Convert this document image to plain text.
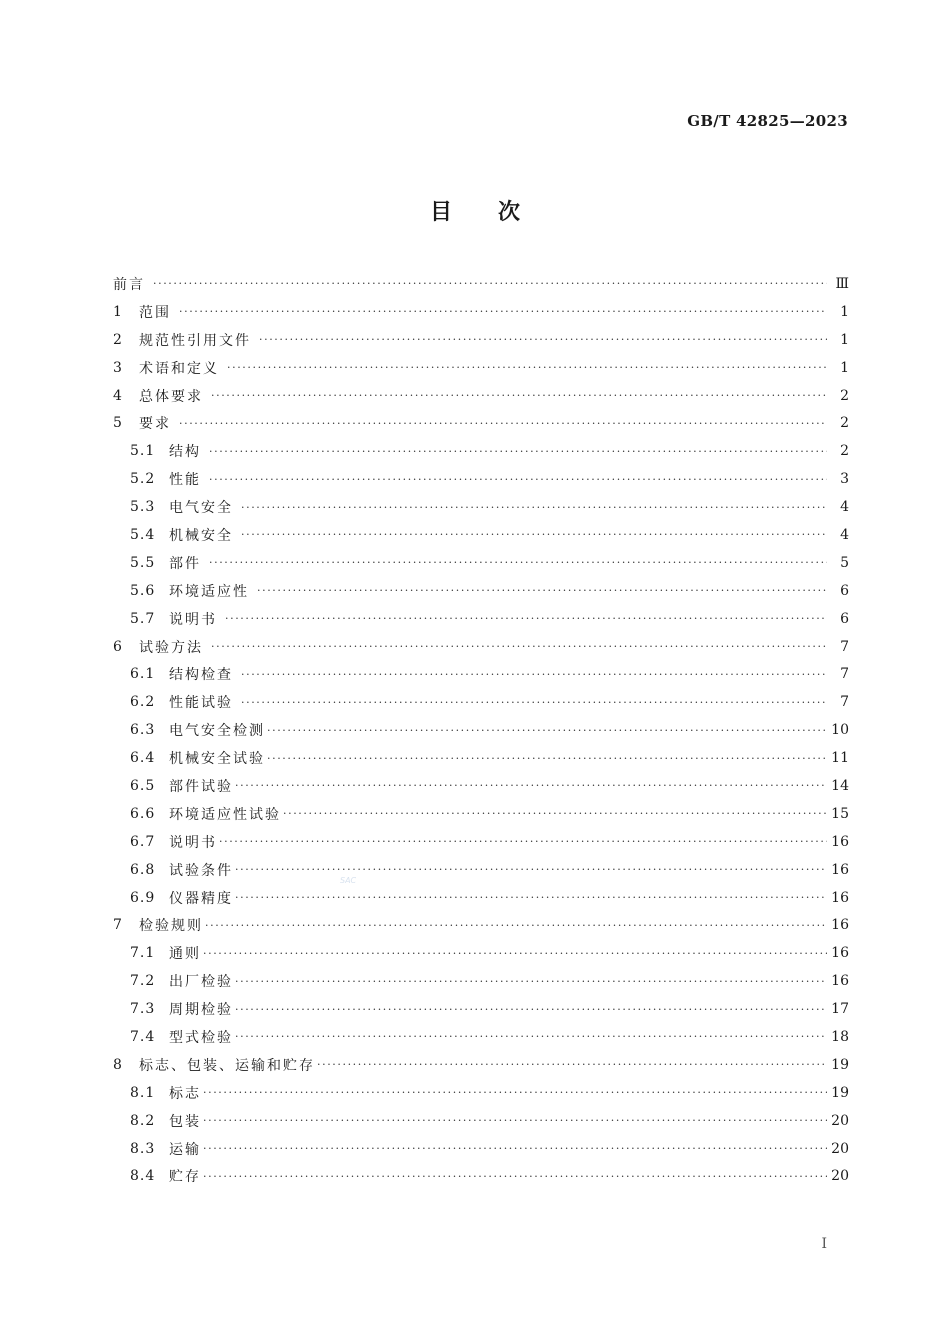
GB/T 42825—2023
目次
前言 ·····	Ⅲ
1	范围 ·····	1
2	规范性引用文件 ·····	1
3	术语和定义 ·····	1
4	总体要求 ·····	2
5	要求 ·····	2
5.1 结构 ·····	2
5.2 性能 ·····	3
5.3 电气安全 ·····	4
5.4 机械安全 ·····	4
5.5 部件 ·····	5
5.6 环境适应性 ·····	6
5.7 说明书 ·····	6
6	试验方法 ·····	7
6.1 结构检查 ·····	7
6.2 性能试验 ·····	7
6.3 电气安全检测 ·····	10
6.4 机械安全试验 ·····	11
6.5 部件试验 ·····	14
6.6 环境适应性试验 ·····	15
6.7 说明书 ·····	16
6.8 试验条件 ·····	16
6.9 仪器精度 ·····	16
7	检验规则 ·····	16
7.1 通则 ·····	16
7.2 出厂检验 ·····	16
7.3 周期检验 ·····	17
7.4 型式检验 ·····	18
8	标志、包装、运输和贮存 ·····	19
8.1 标志 ·····	19
8.2 包装 ·····	20
8.3 运输 ·····	20
8.4 贮存 ·····	20
SAC
I
